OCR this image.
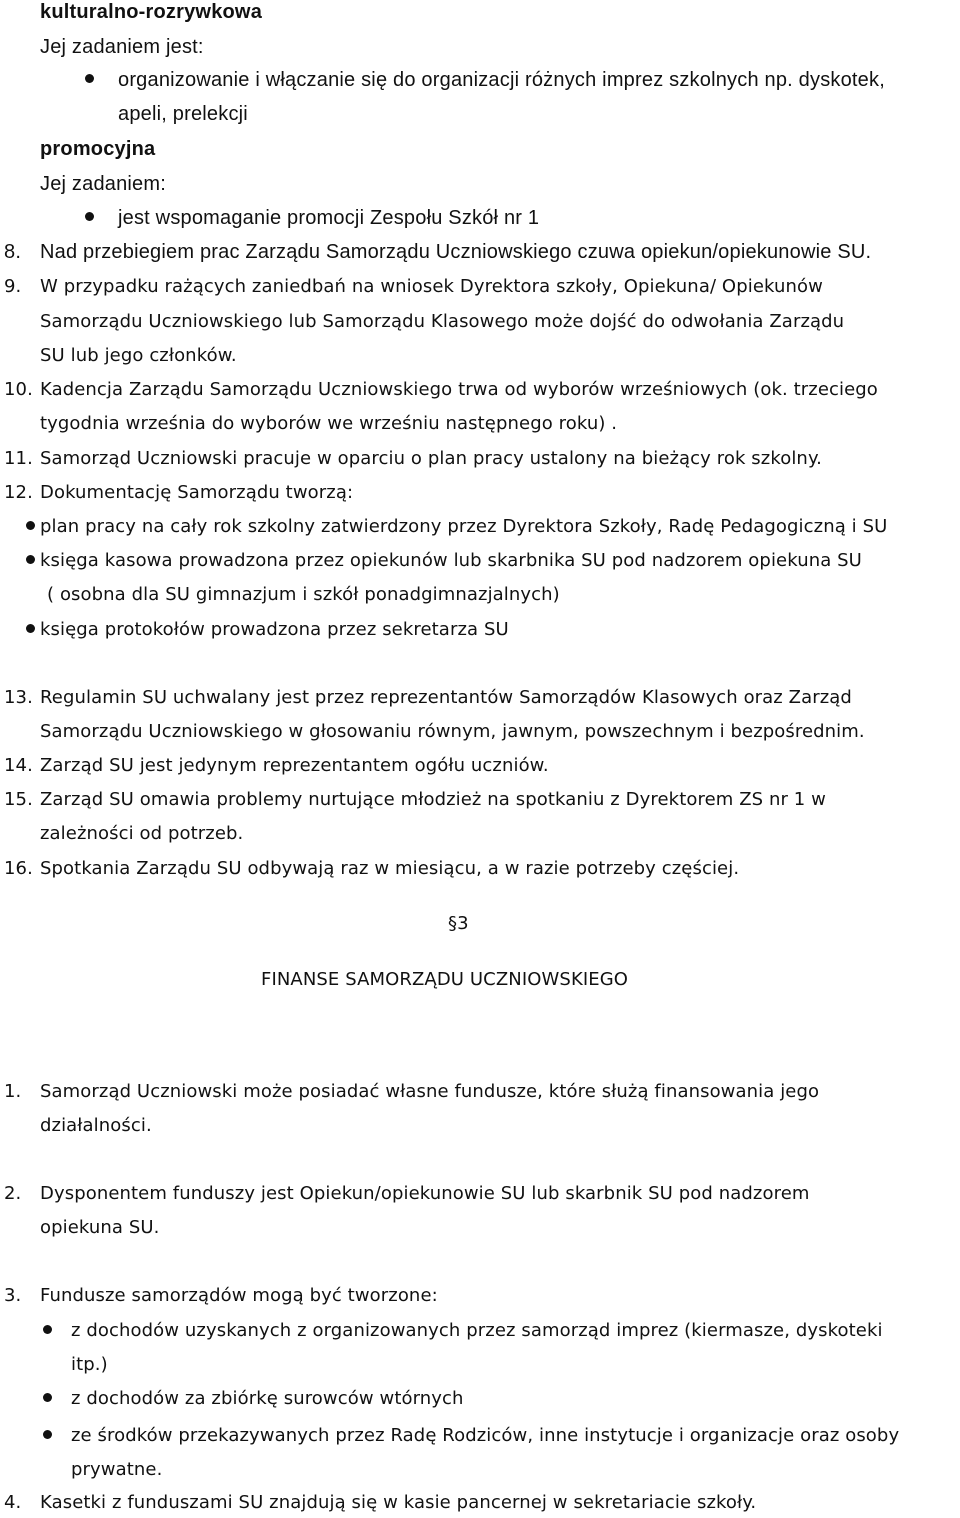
kulturalno-rozrywkowa
Jej zadaniem jest:
organizowanie i włączanie się do organizacji różnych imprez szkolnych np. dyskotek,
apeli, prelekcji
promocyjna
Jej zadaniem:
jest wspomaganie promocji Zespołu Szkół nr 1
8. Nad przebiegiem prac Zarządu Samorządu Uczniowskiego czuwa opiekun/opiekunowie SU.
9. W przypadku rażących zaniedbań na wniosek Dyrektora szkoły, Opiekuna/ Opiekunów
Samorządu Uczniowskiego lub Samorządu Klasowego może dojść do odwołania Zarządu
SU lub jego członków.
10. Kadencja Zarządu Samorządu Uczniowskiego trwa od wyborów wrześniowych (ok. trzeciego
tygodnia września do wyborów we wrześniu następnego roku) .
11. Samorząd Uczniowski pracuje w oparciu o plan pracy ustalony na bieżący rok szkolny.
12. Dokumentację Samorządu tworzą:
plan pracy na cały rok szkolny zatwierdzony przez Dyrektora Szkoły, Radę Pedagogiczną i SU
księga kasowa prowadzona przez opiekunów lub skarbnika SU pod nadzorem opiekuna SU
( osobna dla SU gimnazjum i szkół ponadgimnazjalnych)
księga protokołów prowadzona przez sekretarza SU
13. Regulamin SU uchwalany jest przez reprezentantów Samorządów Klasowych oraz Zarząd
Samorządu Uczniowskiego w głosowaniu równym, jawnym, powszechnym i bezpośrednim.
14. Zarząd SU jest jedynym reprezentantem ogółu uczniów.
15. Zarząd SU omawia problemy nurtujące młodzież na spotkaniu z Dyrektorem ZS nr 1 w
zależności od potrzeb.
16. Spotkania Zarządu SU odbywają raz w miesiącu, a w razie potrzeby częściej.
§3
FINANSE SAMORZĄDU UCZNIOWSKIEGO
1. Samorząd Uczniowski może posiadać własne fundusze, które służą finansowania jego
działalności.
2. Dysponentem funduszy jest Opiekun/opiekunowie SU lub skarbnik SU pod nadzorem
opiekuna SU.
3. Fundusze samorządów mogą być tworzone:
z dochodów uzyskanych z organizowanych przez samorząd imprez (kiermasze, dyskoteki
itp.)
z dochodów za zbiórkę surowców wtórnych
ze środków przekazywanych przez Radę Rodziców, inne instytucje i organizacje oraz osoby
prywatne.
4. Kasetki z funduszami SU znajdują się w kasie pancernej w sekretariacie szkoły.
